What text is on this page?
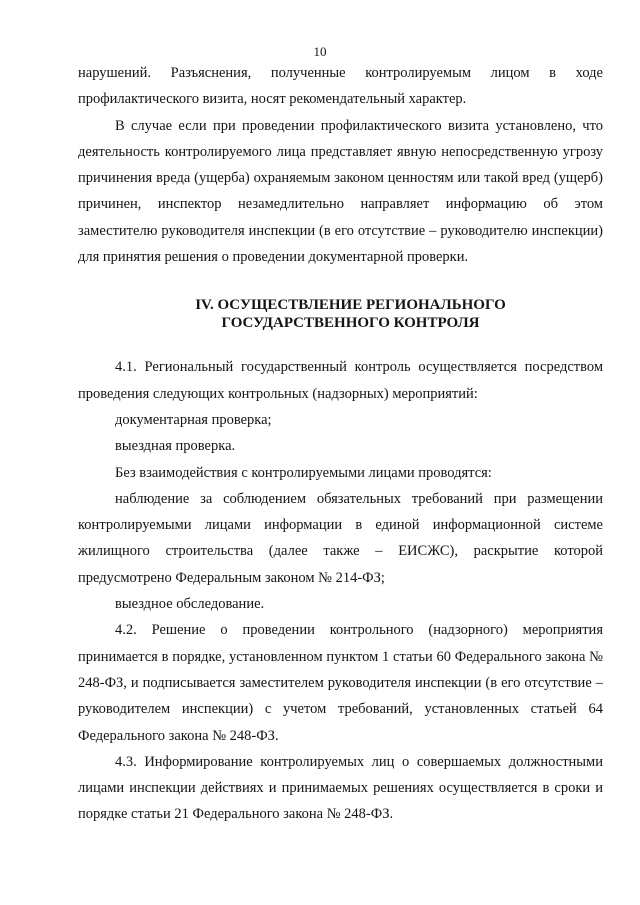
10

нарушений. Разъяснения, полученные контролируемым лицом в ходе профилактического визита, носят рекомендательный характер.

В случае если при проведении профилактического визита установлено, что деятельность контролируемого лица представляет явную непосредственную угрозу причинения вреда (ущерба) охраняемым законом ценностям или такой вред (ущерб) причинен, инспектор незамедлительно направляет информацию об этом заместителю руководителя инспекции (в его отсутствие – руководителю инспекции) для принятия решения о проведении документарной проверки.

IV. ОСУЩЕСТВЛЕНИЕ РЕГИОНАЛЬНОГО
ГОСУДАРСТВЕННОГО КОНТРОЛЯ

4.1. Региональный государственный контроль осуществляется посредством проведения следующих контрольных (надзорных) мероприятий:

документарная проверка;

выездная проверка.

Без взаимодействия с контролируемыми лицами проводятся:

наблюдение за соблюдением обязательных требований при размещении контролируемыми лицами информации в единой информационной системе жилищного строительства (далее также – ЕИСЖС), раскрытие которой предусмотрено Федеральным законом № 214-ФЗ;

выездное обследование.

4.2. Решение о проведении контрольного (надзорного) мероприятия принимается в порядке, установленном пунктом 1 статьи 60 Федерального закона № 248-ФЗ, и подписывается заместителем руководителя инспекции (в его отсутствие – руководителем инспекции) с учетом требований, установленных статьей 64 Федерального закона № 248-ФЗ.

4.3. Информирование контролируемых лиц о совершаемых должностными лицами инспекции действиях и принимаемых решениях осуществляется в сроки и порядке статьи 21 Федерального закона № 248-ФЗ.
